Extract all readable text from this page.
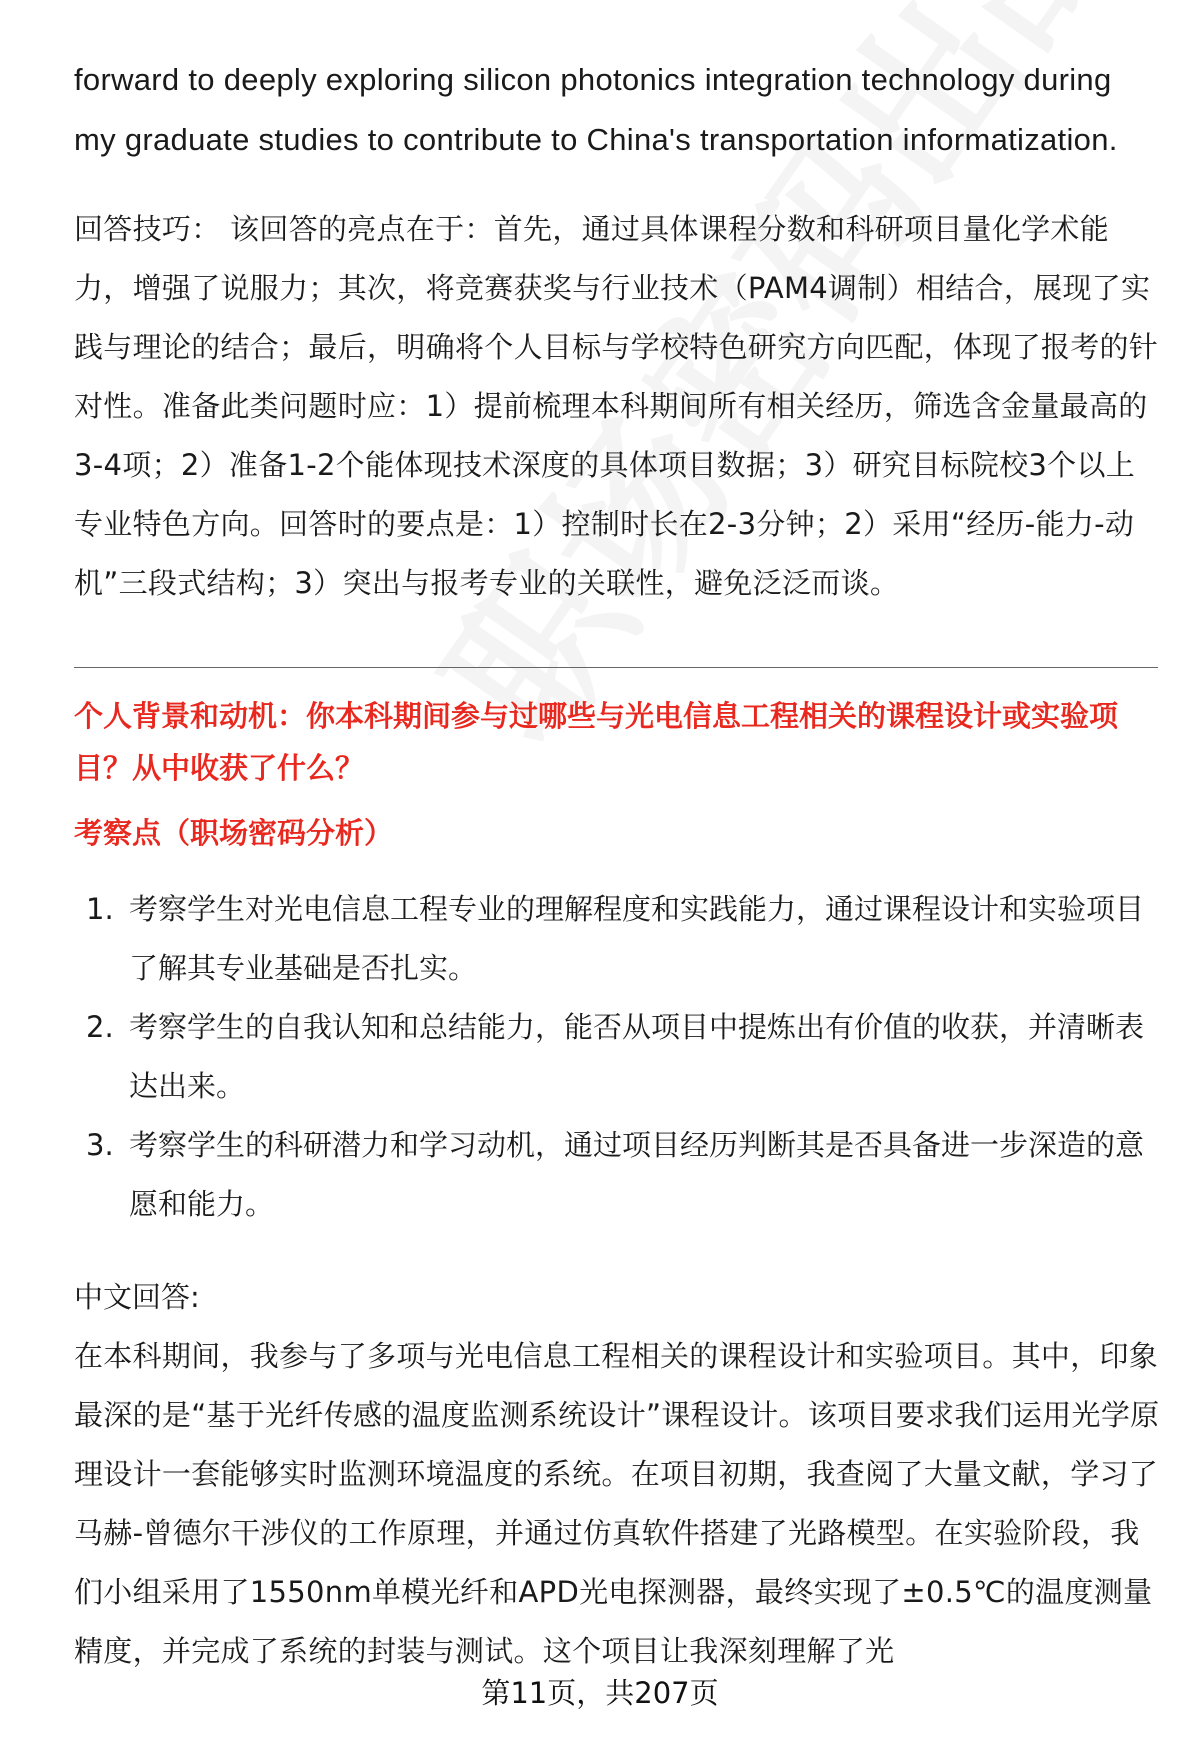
forward to deeply exploring silicon photonics integration technology during

my graduate studies to contribute to China's transportation informatization.

回答技巧： 该回答的亮点在于：首先，通过具体课程分数和科研项目量化学术能力，增强了说服力；其次，将竞赛获奖与行业技术（PAM4调制）相结合，展现了实践与理论的结合；最后，明确将个人目标与学校特色研究方向匹配，体现了报考的针对性。准备此类问题时应：1）提前梳理本科期间所有相关经历，筛选含金量最高的3-4项；2）准备1-2个能体现技术深度的具体项目数据；3）研究目标院校3个以上专业特色方向。回答时的要点是：1）控制时长在2-3分钟；2）采用“经历-能力-动机”三段式结构；3）突出与报考专业的关联性，避免泛泛而谈。

个人背景和动机：你本科期间参与过哪些与光电信息工程相关的课程设计或实验项目？从中收获了什么？

考察点（职场密码分析）

1. 考察学生对光电信息工程专业的理解程度和实践能力，通过课程设计和实验项目了解其专业基础是否扎实。
2. 考察学生的自我认知和总结能力，能否从项目中提炼出有价值的收获，并清晰表达出来。
3. 考察学生的科研潜力和学习动机，通过项目经历判断其是否具备进一步深造的意愿和能力。

中文回答:

在本科期间，我参与了多项与光电信息工程相关的课程设计和实验项目。其中，印象最深的是“基于光纤传感的温度监测系统设计”课程设计。该项目要求我们运用光学原理设计一套能够实时监测环境温度的系统。在项目初期，我查阅了大量文献，学习了马赫-曾德尔干涉仪的工作原理，并通过仿真软件搭建了光路模型。在实验阶段，我们小组采用了1550nm单模光纤和APD光电探测器，最终实现了±0.5℃的温度测量精度，并完成了系统的封装与测试。这个项目让我深刻理解了光

第11页，共207页
